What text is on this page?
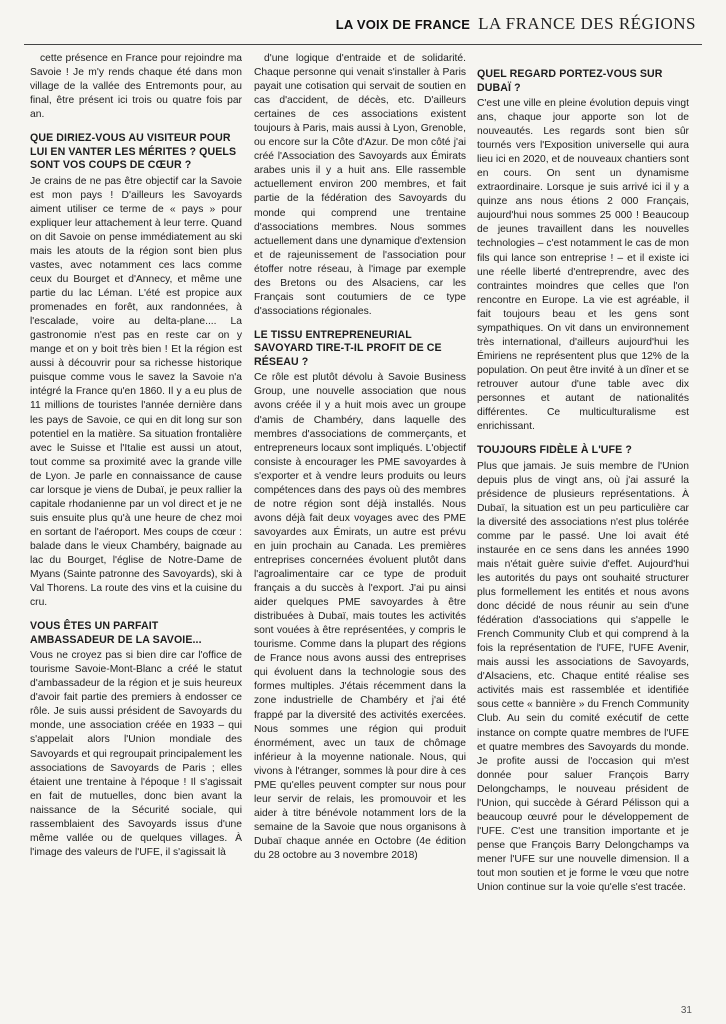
LA VOIX DE FRANCE LA FRANCE DES RÉGIONS

cette présence en France pour rejoindre ma Savoie ! Je m'y rends chaque été dans mon village de la vallée des Entremonts pour, au final, être présent ici trois ou quatre fois par an.

QUE DIRIEZ-VOUS AU VISITEUR POUR LUI EN VANTER LES MÉRITES ? QUELS SONT VOS COUPS DE CŒUR ?

Je crains de ne pas être objectif car la Savoie est mon pays ! D'ailleurs les Savoyards aiment utiliser ce terme de « pays » pour expliquer leur attachement à leur terre. Quand on dit Savoie on pense immédiatement au ski mais les atouts de la région sont bien plus vastes, avec notamment ces lacs comme ceux du Bourget et d'Annecy, et même une partie du lac Léman. L'été est propice aux promenades en forêt, aux randonnées, à l'escalade, voire au delta-plane.... La gastronomie n'est pas en reste car on y mange et on y boit très bien ! Et la région est aussi à découvrir pour sa richesse historique puisque comme vous le savez la Savoie n'a intégré la France qu'en 1860. Il y a eu plus de 11 millions de touristes l'année dernière dans les pays de Savoie, ce qui en dit long sur son potentiel en la matière. Sa situation frontalière avec le Suisse et l'Italie est aussi un atout, tout comme sa proximité avec la grande ville de Lyon. Je parle en connaissance de cause car lorsque je viens de Dubaï, je peux rallier la capitale rhodanienne par un vol direct et je ne suis ensuite plus qu'à une heure de chez moi en sortant de l'aéroport. Mes coups de cœur : balade dans le vieux Chambéry, baignade au lac du Bourget, l'église de Notre-Dame de Myans (Sainte patronne des Savoyards), ski à Val Thorens. La route des vins et la cuisine du cru.

VOUS ÊTES UN PARFAIT AMBASSADEUR DE LA SAVOIE...

Vous ne croyez pas si bien dire car l'office de tourisme Savoie-Mont-Blanc a créé le statut d'ambassadeur de la région et je suis heureux d'avoir fait partie des premiers à endosser ce rôle. Je suis aussi président de Savoyards du monde, une association créée en 1933 – qui s'appelait alors l'Union mondiale des Savoyards et qui regroupait principalement les associations de Savoyards de Paris ; elles étaient une trentaine à l'époque ! Il s'agissait en fait de mutuelles, donc bien avant la naissance de la Sécurité sociale, qui rassemblaient des Savoyards issus d'une même vallée ou de quelques villages. À l'image des valeurs de l'UFE, il s'agissait là

d'une logique d'entraide et de solidarité. Chaque personne qui venait s'installer à Paris payait une cotisation qui servait de soutien en cas d'accident, de décès, etc. D'ailleurs certaines de ces associations existent toujours à Paris, mais aussi à Lyon, Grenoble, ou encore sur la Côte d'Azur. De mon côté j'ai créé l'Association des Savoyards aux Émirats arabes unis il y a huit ans. Elle rassemble actuellement environ 200 membres, et fait partie de la fédération des Savoyards du monde qui comprend une trentaine d'associations membres. Nous sommes actuellement dans une dynamique d'extension et de rajeunissement de l'association pour étoffer notre réseau, à l'image par exemple des Bretons ou des Alsaciens, car les Français sont coutumiers de ce type d'associations régionales.

LE TISSU ENTREPRENEURIAL SAVOYARD TIRE-T-IL PROFIT DE CE RÉSEAU ?

Ce rôle est plutôt dévolu à Savoie Business Group, une nouvelle association que nous avons créée il y a huit mois avec un groupe d'amis de Chambéry, dans laquelle des membres d'associations de commerçants, et entrepreneurs locaux sont impliqués. L'objectif consiste à encourager les PME savoyardes à s'exporter et à vendre leurs produits ou leurs compétences dans des pays où des membres de notre région sont déjà installés. Nous avons déjà fait deux voyages avec des PME savoyardes aux Émirats, un autre est prévu en juin prochain au Canada. Les premières entreprises concernées évoluent plutôt dans l'agroalimentaire car ce type de produit français a du succès à l'export. J'ai pu ainsi aider quelques PME savoyardes à être distribuées à Dubaï, mais toutes les activités sont vouées à être représentées, y compris le tourisme. Comme dans la plupart des régions de France nous avons aussi des entreprises qui évoluent dans la technologie sous des formes multiples. J'étais récemment dans la zone industrielle de Chambéry et j'ai été frappé par la diversité des activités exercées. Nous sommes une région qui produit énormément, avec un taux de chômage inférieur à la moyenne nationale. Nous, qui vivons à l'étranger, sommes là pour dire à ces PME qu'elles peuvent compter sur nous pour leur servir de relais, les promouvoir et les aider à titre bénévole notamment lors de la semaine de la Savoie que nous organisons à Dubaï chaque année en Octobre (4e édition du 28 octobre au 3 novembre 2018)

QUEL REGARD PORTEZ-VOUS SUR DUBAÏ ?

C'est une ville en pleine évolution depuis vingt ans, chaque jour apporte son lot de nouveautés. Les regards sont bien sûr tournés vers l'Exposition universelle qui aura lieu ici en 2020, et de nouveaux chantiers sont en cours. On sent un dynamisme extraordinaire. Lorsque je suis arrivé ici il y a quinze ans nous étions 2 000 Français, aujourd'hui nous sommes 25 000 ! Beaucoup de jeunes travaillent dans les nouvelles technologies – c'est notamment le cas de mon fils qui lance son entreprise ! – et il existe ici une réelle liberté d'entreprendre, avec des contraintes moindres que celles que l'on rencontre en Europe. La vie est agréable, il fait toujours beau et les gens sont sympathiques. On vit dans un environnement très international, d'ailleurs aujourd'hui les Émiriens ne représentent plus que 12% de la population. On peut être invité à un dîner et se retrouver autour d'une table avec dix personnes et autant de nationalités différentes. Ce multiculturalisme est enrichissant.

TOUJOURS FIDÈLE À L'UFE ?

Plus que jamais. Je suis membre de l'Union depuis plus de vingt ans, où j'ai assuré la présidence de plusieurs représentations. À Dubaï, la situation est un peu particulière car la diversité des associations n'est plus tolérée comme par le passé. Une loi avait été instaurée en ce sens dans les années 1990 mais n'était guère suivie d'effet. Aujourd'hui les autorités du pays ont souhaité structurer plus formellement les entités et nous avons donc décidé de nous réunir au sein d'une fédération d'associations qui s'appelle le French Community Club et qui comprend à la fois la représentation de l'UFE, l'UFE Avenir, mais aussi les associations de Savoyards, d'Alsaciens, etc. Chaque entité réalise ses activités mais est rassemblée et identifiée sous cette « bannière » du French Community Club. Au sein du comité exécutif de cette instance on compte quatre membres de l'UFE et quatre membres des Savoyards du monde. Je profite aussi de l'occasion qui m'est donnée pour saluer François Barry Delongchamps, le nouveau président de l'Union, qui succède à Gérard Pélisson qui a beaucoup œuvré pour le développement de l'UFE. C'est une transition importante et je pense que François Barry Delongchamps va mener l'UFE sur une nouvelle dimension. Il a tout mon soutien et je forme le vœu que notre Union continue sur la voie qu'elle s'est tracée.

31
